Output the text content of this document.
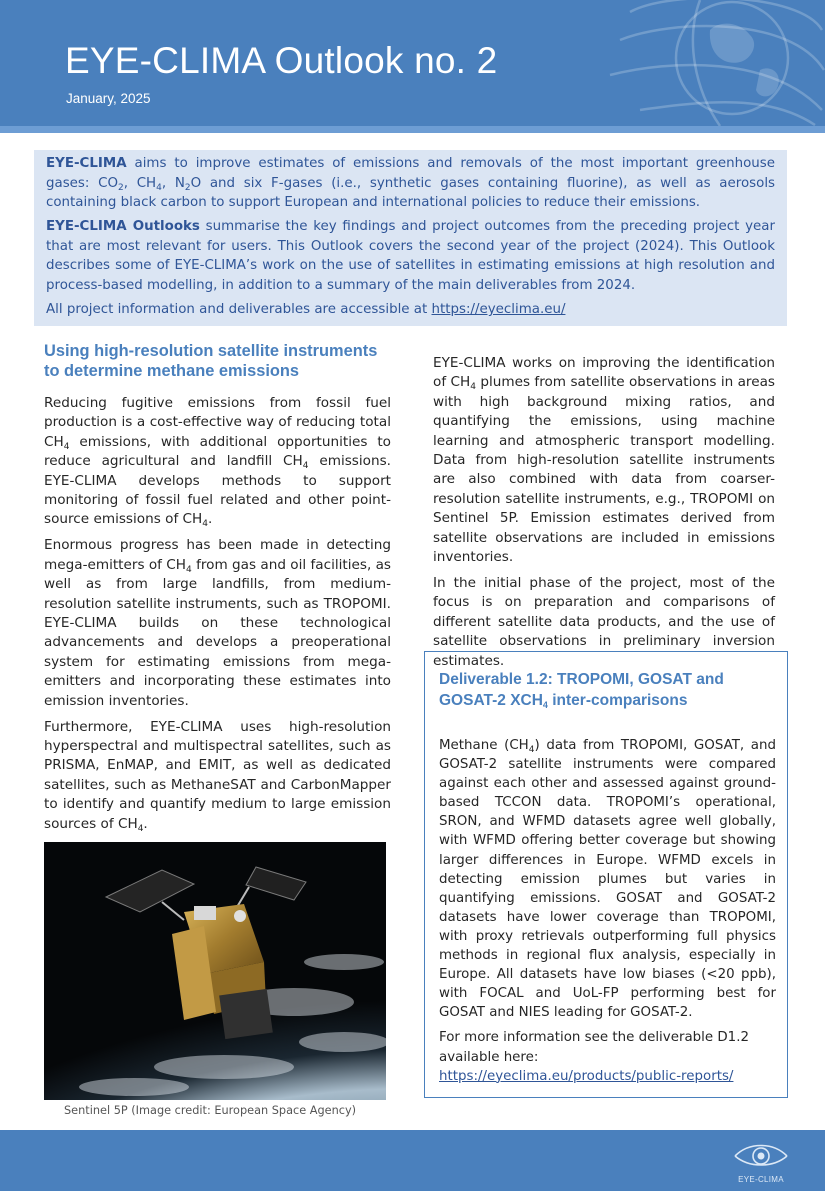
EYE-CLIMA Outlook no. 2
January, 2025

EYE-CLIMA aims to improve estimates of emissions and removals of the most important greenhouse gases: $CO_2$, $CH_4$, $N_2O$ and six F-gases (i.e., synthetic gases containing fluorine), as well as aerosols containing black carbon to support European and international policies to reduce their emissions.

EYE-CLIMA Outlooks summarise the key findings and project outcomes from the preceding project year that are most relevant for users. This Outlook covers the second year of the project (2024). This Outlook describes some of EYE-CLIMA’s work on the use of satellites in estimating emissions at high resolution and process-based modelling, in addition to a summary of the main deliverables from 2024.

All project information and deliverables are accessible at https://eyeclima.eu/

Using high-resolution satellite instruments to determine methane emissions

Reducing fugitive emissions from fossil fuel production is a cost-effective way of reducing total $CH_4$ emissions, with additional opportunities to reduce agricultural and landfill $CH_4$ emissions. EYE-CLIMA develops methods to support monitoring of fossil fuel related and other point-source emissions of $CH_4$.

Enormous progress has been made in detecting mega-emitters of $CH_4$ from gas and oil facilities, as well as from large landfills, from medium-resolution satellite instruments, such as TROPOMI. EYE-CLIMA builds on these technological advancements and develops a preoperational system for estimating emissions from mega-emitters and incorporating these estimates into emission inventories.

Furthermore, EYE-CLIMA uses high-resolution hyperspectral and multispectral satellites, such as PRISMA, EnMAP, and EMIT, as well as dedicated satellites, such as MethaneSAT and CarbonMapper to identify and quantify medium to large emission sources of $CH_4$.

EYE-CLIMA works on improving the identification of $CH_4$ plumes from satellite observations in areas with high background mixing ratios, and quantifying the emissions, using machine learning and atmospheric transport modelling. Data from high-resolution satellite instruments are also combined with data from coarser-resolution satellite instruments, e.g., TROPOMI on Sentinel 5P. Emission estimates derived from satellite observations are included in emissions inventories.

In the initial phase of the project, most of the focus is on preparation and comparisons of different satellite data products, and the use of satellite observations in preliminary inversion estimates.

Sentinel 5P (Image credit: European Space Agency)
Deliverable 1.2: TROPOMI, GOSAT and GOSAT-2 $XCH_4$ inter-comparisons

Methane $(CH_4)$ data from TROPOMI, GOSAT, and GOSAT-2 satellite instruments were compared against each other and assessed against ground-based TCCON data. TROPOMI’s operational, SRON, and WFMD datasets agree well globally, with WFMD offering better coverage but showing larger differences in Europe. WFMD excels in detecting emission plumes but varies in quantifying emissions. GOSAT and GOSAT-2 datasets have lower coverage than TROPOMI, with proxy retrievals outperforming full physics methods in regional flux analysis, especially in Europe. All datasets have low biases (<20 ppb), with FOCAL and UoL-FP performing best for GOSAT and NIES leading for GOSAT-2.

For more information see the deliverable D1.2 available here:
https://eyeclima.eu/products/public-reports/

EYE-CLIMA
